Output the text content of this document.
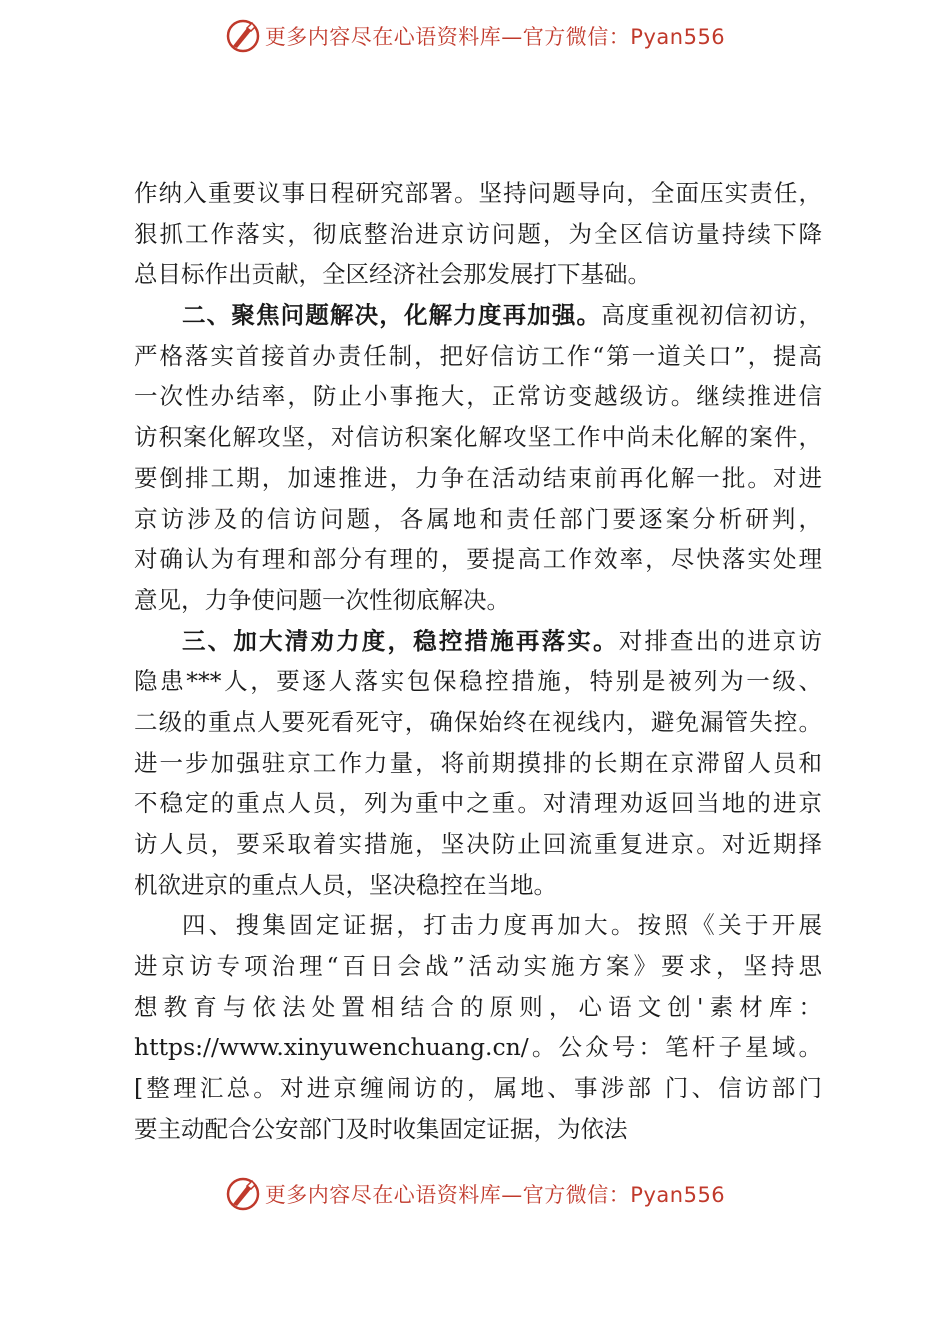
更多内容尽在心语资料库—官方微信：Pyan556
作纳入重要议事日程研究部署。坚持问题导向，全面压实责任，
狠抓工作落实，彻底整治进京访问题，为全区信访量持续下降
总目标作出贡献，全区经济社会那发展打下基础。
二、聚焦问题解决，化解力度再加强。高度重视初信初访，
严格落实首接首办责任制，把好信访工作“第一道关口”，提高
一次性办结率，防止小事拖大，正常访变越级访。继续推进信
访积案化解攻坚，对信访积案化解攻坚工作中尚未化解的案件，
要倒排工期，加速推进，力争在活动结束前再化解一批。对进
京访涉及的信访问题，各属地和责任部门要逐案分析研判，
对确认为有理和部分有理的，要提高工作效率，尽快落实处理
意见，力争使问题一次性彻底解决。
三、加大清劝力度，稳控措施再落实。对排查出的进京访
隐患***人，要逐人落实包保稳控措施，特别是被列为一级、
二级的重点人要死看死守，确保始终在视线内，避免漏管失控。
进一步加强驻京工作力量，将前期摸排的长期在京滞留人员和
不稳定的重点人员，列为重中之重。对清理劝返回当地的进京
访人员，要采取着实措施，坚决防止回流重复进京。对近期择
机欲进京的重点人员，坚决稳控在当地。
四、搜集固定证据，打击力度再加大。按照《关于开展
进京访专项治理“百日会战”活动实施方案》要求，坚持思
想教育与依法处置相结合的原则，心语文创'素材库：
https://www.xinyuwenchuang.cn/。公众号：笔杆子星域。
[整理汇总。对进京缠闹访的，属地、事涉部 门、信访部门
要主动配合公安部门及时收集固定证据，为依法
更多内容尽在心语资料库—官方微信：Pyan556
